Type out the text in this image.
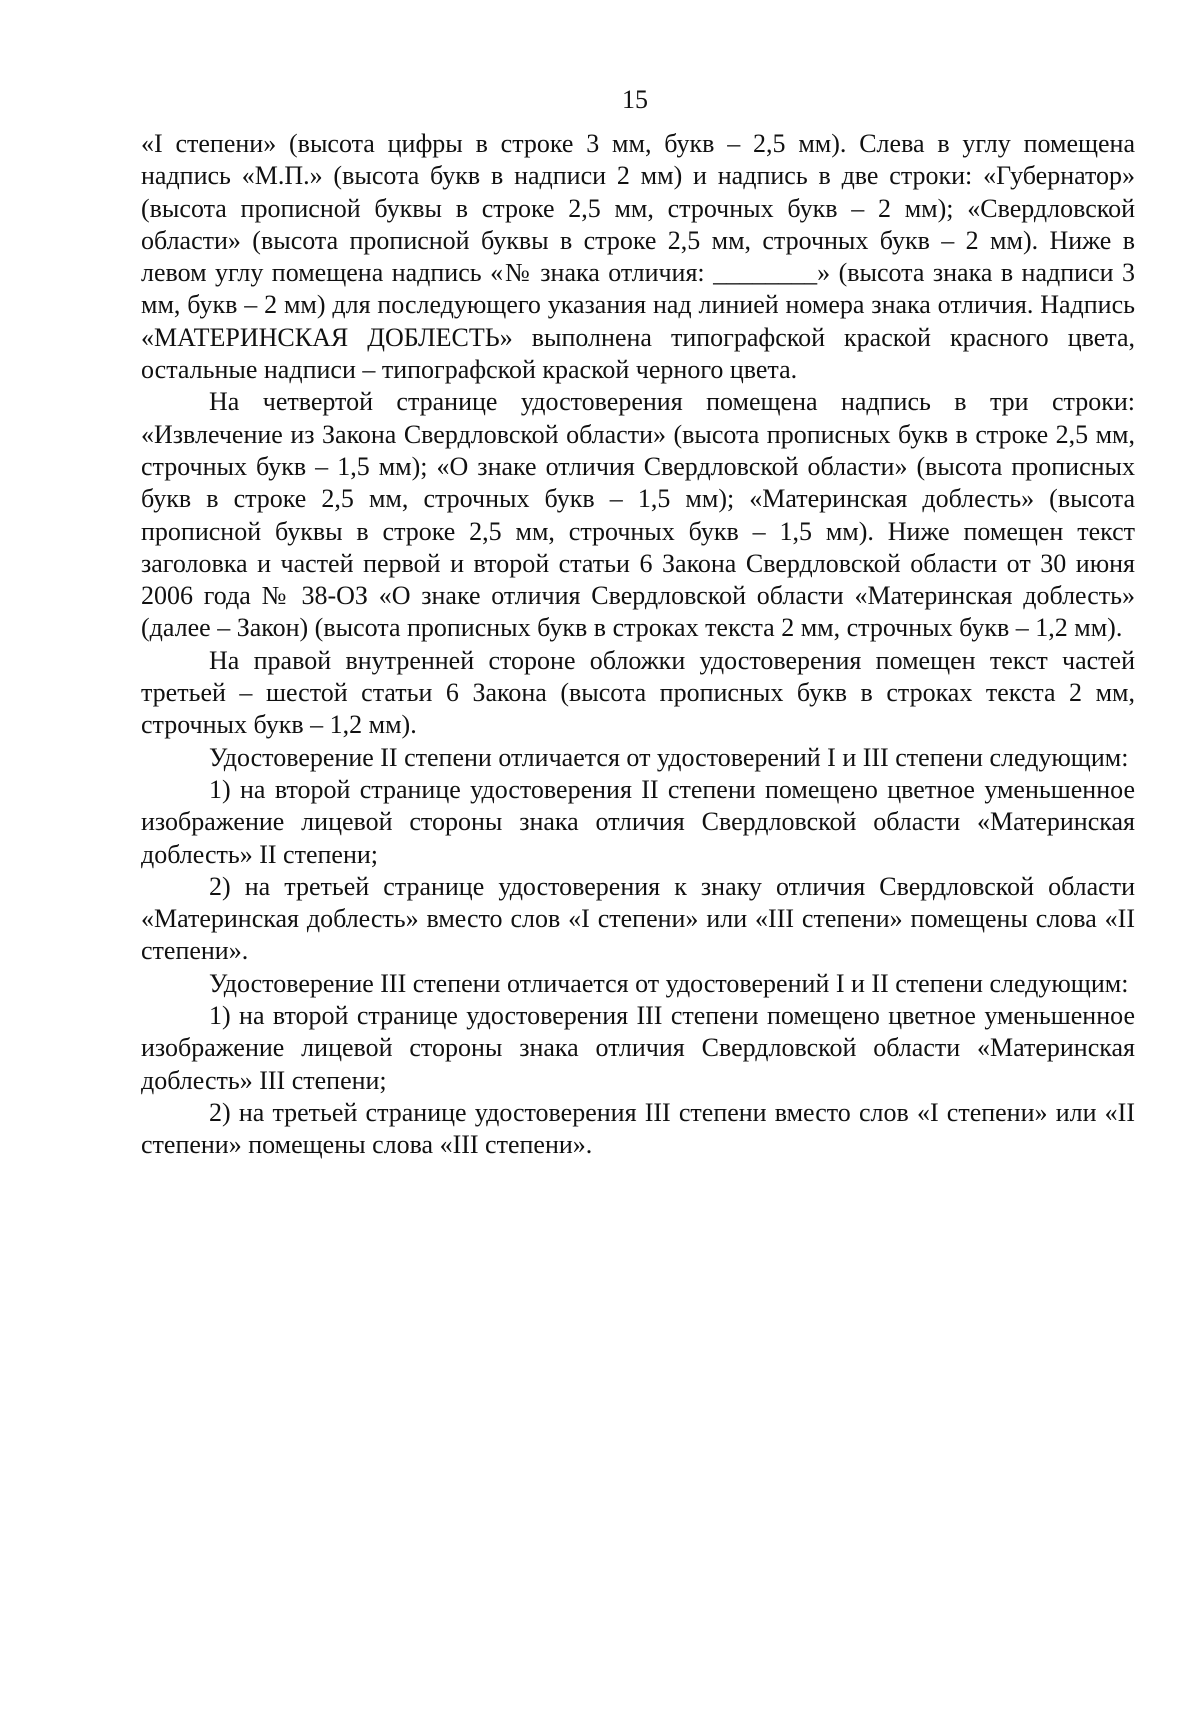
15

«I степени» (высота цифры в строке 3 мм, букв – 2,5 мм). Слева в углу помещена надпись «М.П.» (высота букв в надписи 2 мм) и надпись в две строки: «Губернатор» (высота прописной буквы в строке 2,5 мм, строчных букв – 2 мм); «Свердловской области» (высота прописной буквы в строке 2,5 мм, строчных букв – 2 мм). Ниже в левом углу помещена надпись «№ знака отличия: ________» (высота знака в надписи 3 мм, букв – 2 мм) для последующего указания над линией номера знака отличия. Надпись «МАТЕРИНСКАЯ ДОБЛЕСТЬ» выполнена типографской краской красного цвета, остальные надписи – типографской краской черного цвета.

На четвертой странице удостоверения помещена надпись в три строки: «Извлечение из Закона Свердловской области» (высота прописных букв в строке 2,5 мм, строчных букв – 1,5 мм); «О знаке отличия Свердловской области» (высота прописных букв в строке 2,5 мм, строчных букв – 1,5 мм); «Материнская доблесть» (высота прописной буквы в строке 2,5 мм, строчных букв – 1,5 мм). Ниже помещен текст заголовка и частей первой и второй статьи 6 Закона Свердловской области от 30 июня 2006 года № 38-ОЗ «О знаке отличия Свердловской области «Материнская доблесть» (далее – Закон) (высота прописных букв в строках текста 2 мм, строчных букв – 1,2 мм).

На правой внутренней стороне обложки удостоверения помещен текст частей третьей – шестой статьи 6 Закона (высота прописных букв в строках текста 2 мм, строчных букв – 1,2 мм).

Удостоверение II степени отличается от удостоверений I и III степени следующим:

1) на второй странице удостоверения II степени помещено цветное уменьшенное изображение лицевой стороны знака отличия Свердловской области «Материнская доблесть» II степени;

2) на третьей странице удостоверения к знаку отличия Свердловской области «Материнская доблесть» вместо слов «I степени» или «III степени» помещены слова «II степени».

Удостоверение III степени отличается от удостоверений I и II степени следующим:

1) на второй странице удостоверения III степени помещено цветное уменьшенное изображение лицевой стороны знака отличия Свердловской области «Материнская доблесть» III степени;

2) на третьей странице удостоверения III степени вместо слов «I степени» или «II степени» помещены слова «III степени».
